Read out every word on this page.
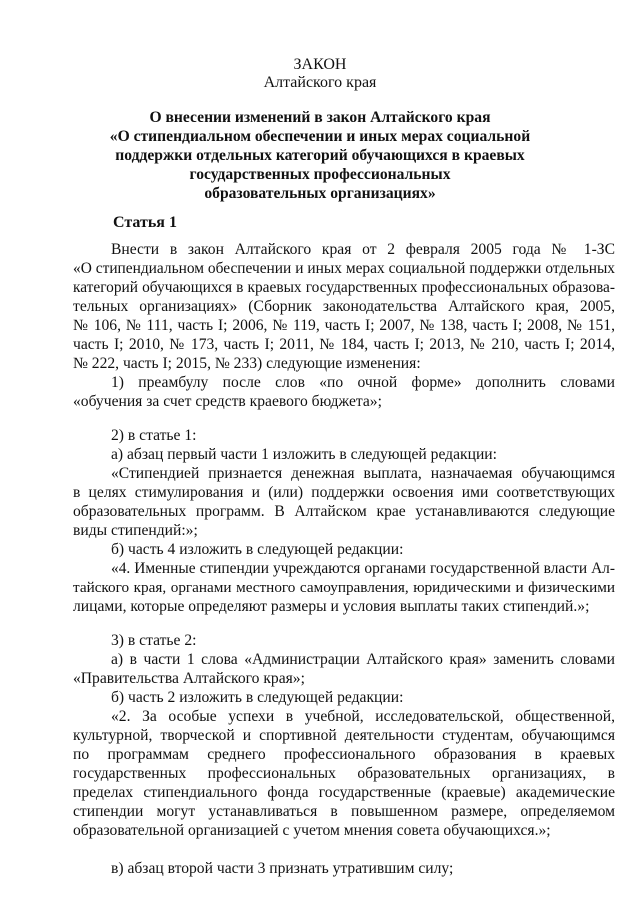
ЗАКОН
Алтайского края
О внесении изменений в закон Алтайского края
«О стипендиальном обеспечении и иных мерах социальной
поддержки отдельных категорий обучающихся в краевых
государственных профессиональных
образовательных организациях»
Статья 1
Внести в закон Алтайского края от 2 февраля 2005 года № 1-ЗС
«О стипендиальном обеспечении и иных мерах социальной поддержки отдельных
категорий обучающихся в краевых государственных профессиональных образова-
тельных организациях» (Сборник законодательства Алтайского края, 2005,
№ 106, № 111, часть I; 2006, № 119, часть I; 2007, № 138, часть I; 2008, № 151,
часть I; 2010, № 173, часть I; 2011, № 184, часть I; 2013, № 210, часть I; 2014,
№ 222, часть I; 2015, № 233) следующие изменения:
1) преамбулу после слов «по очной форме» дополнить словами
«обучения за счет средств краевого бюджета»;
2) в статье 1:
а) абзац первый части 1 изложить в следующей редакции:
«Стипендией признается денежная выплата, назначаемая обучающимся
в целях стимулирования и (или) поддержки освоения ими соответствующих
образовательных программ. В Алтайском крае устанавливаются следующие
виды стипендий:»;
б) часть 4 изложить в следующей редакции:
«4. Именные стипендии учреждаются органами государственной власти Ал-
тайского края, органами местного самоуправления, юридическими и физическими
лицами, которые определяют размеры и условия выплаты таких стипендий.»;
3) в статье 2:
а) в части 1 слова «Администрации Алтайского края» заменить словами
«Правительства Алтайского края»;
б) часть 2 изложить в следующей редакции:
«2. За особые успехи в учебной, исследовательской, общественной,
культурной, творческой и спортивной деятельности студентам, обучающимся
по программам среднего профессионального образования в краевых
государственных профессиональных образовательных организациях, в
пределах стипендиального фонда государственные (краевые) академические
стипендии могут устанавливаться в повышенном размере, определяемом
образовательной организацией с учетом мнения совета обучающихся.»;
в) абзац второй части 3 признать утратившим силу;
